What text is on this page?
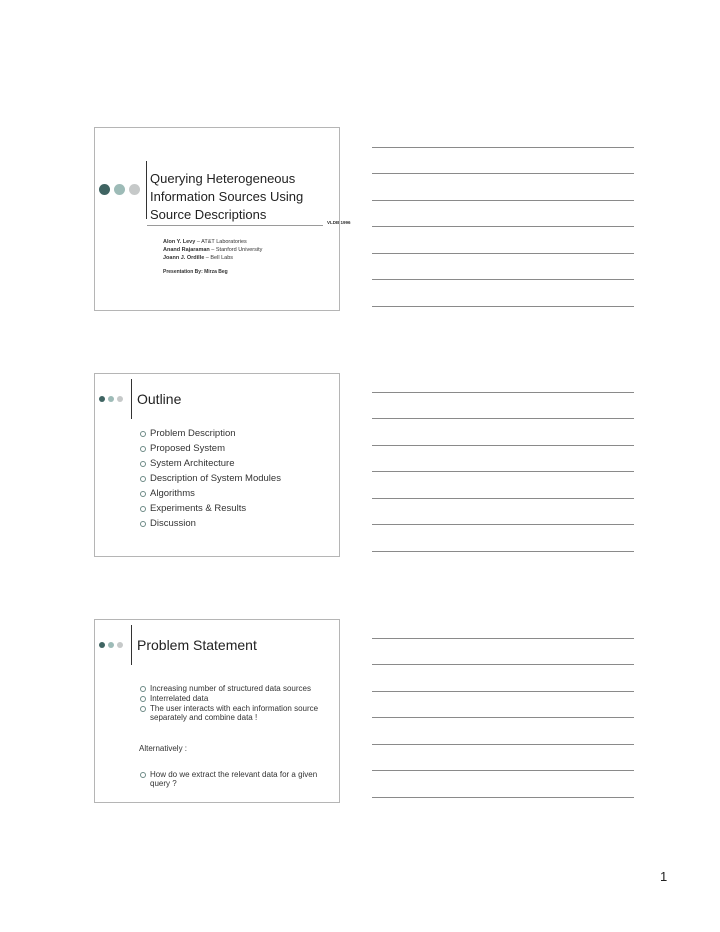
Querying Heterogeneous Information Sources Using Source Descriptions
VLDB 1996
Alon Y. Levy – AT&T Laboratories
Anand Rajaraman – Stanford University
Joann J. Ordille – Bell Labs
Presentation By: Mirza Beg
Outline
Problem Description
Proposed System
System Architecture
Description of System Modules
Algorithms
Experiments & Results
Discussion
Problem Statement
Increasing number of structured data sources
Interrelated data
The user interacts with each information source separately and combine data !
Alternatively :
How do we extract the relevant data for a given query ?
1
